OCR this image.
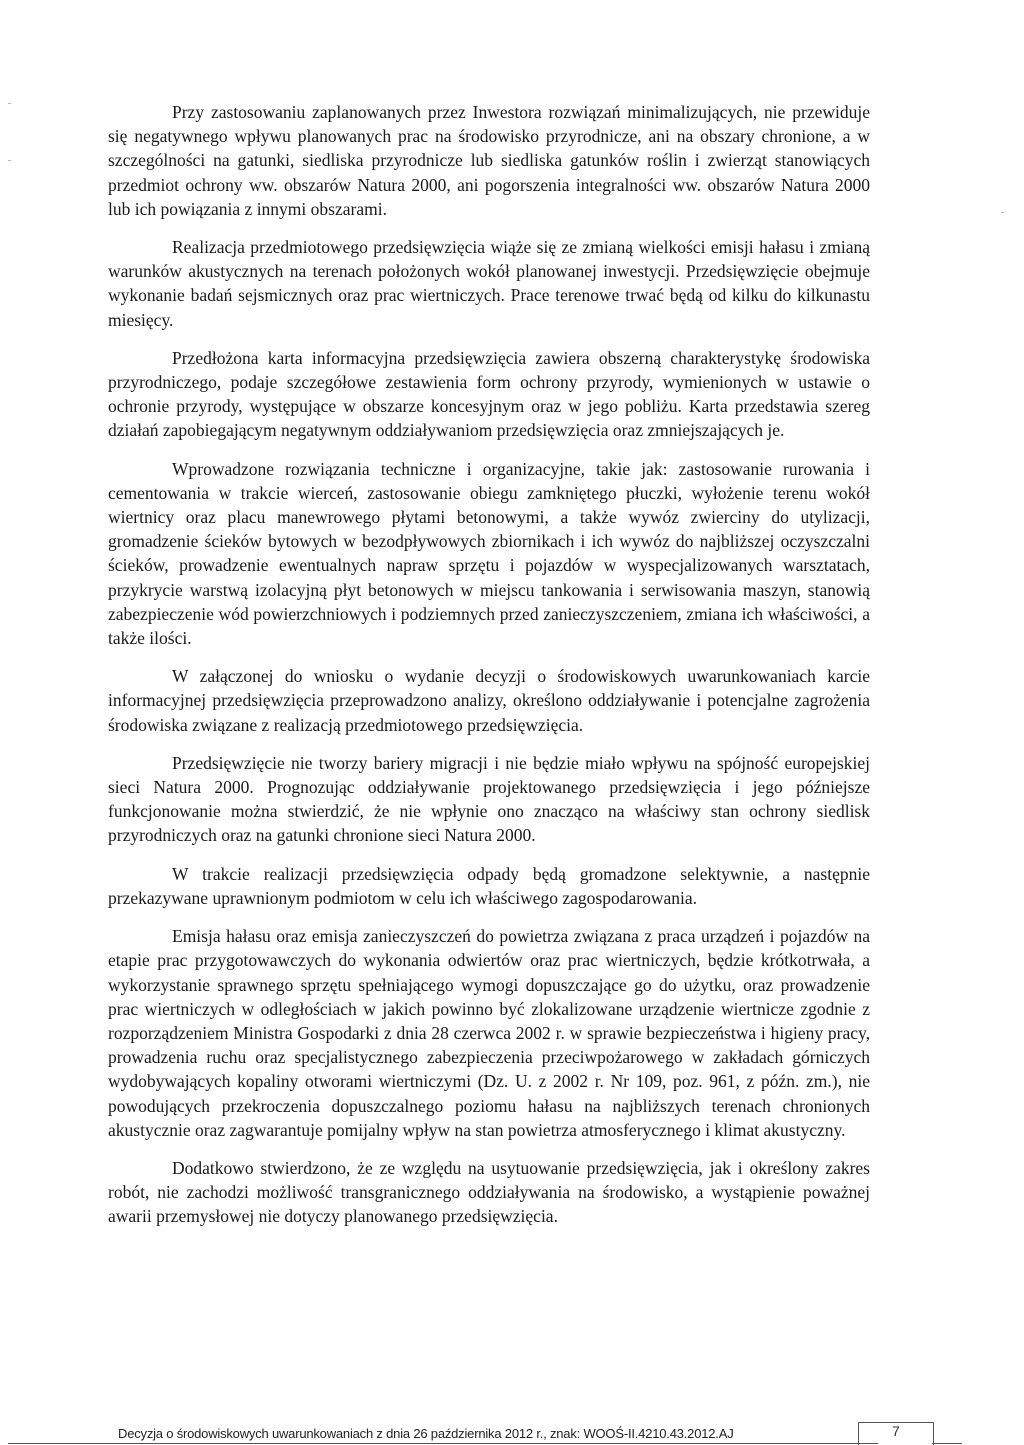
Przy zastosowaniu zaplanowanych przez Inwestora rozwiązań minimalizujących, nie przewiduje się negatywnego wpływu planowanych prac na środowisko przyrodnicze, ani na obszary chronione, a w szczególności na gatunki, siedliska przyrodnicze lub siedliska gatunków roślin i zwierząt stanowiących przedmiot ochrony ww. obszarów Natura 2000, ani pogorszenia integralności ww. obszarów Natura 2000 lub ich powiązania z innymi obszarami.

Realizacja przedmiotowego przedsięwzięcia wiąże się ze zmianą wielkości emisji hałasu i zmianą warunków akustycznych na terenach położonych wokół planowanej inwestycji. Przedsięwzięcie obejmuje wykonanie badań sejsmicznych oraz prac wiertniczych. Prace terenowe trwać będą od kilku do kilkunastu miesięcy.

Przedłożona karta informacyjna przedsięwzięcia zawiera obszerną charakterystykę środowiska przyrodniczego, podaje szczegółowe zestawienia form ochrony przyrody, wymienionych w ustawie o ochronie przyrody, występujące w obszarze koncesyjnym oraz w jego pobliżu. Karta przedstawia szereg działań zapobiegającym negatywnym oddziaływaniom przedsięwzięcia oraz zmniejszających je.

Wprowadzone rozwiązania techniczne i organizacyjne, takie jak: zastosowanie rurowania i cementowania w trakcie wierceń, zastosowanie obiegu zamkniętego płuczki, wyłożenie terenu wokół wiertnicy oraz placu manewrowego płytami betonowymi, a także wywóz zwierciny do utylizacji, gromadzenie ścieków bytowych w bezodpływowych zbiornikach i ich wywóz do najbliższej oczyszczalni ścieków, prowadzenie ewentualnych napraw sprzętu i pojazdów w wyspecjalizowanych warsztatach, przykrycie warstwą izolacyjną płyt betonowych w miejscu tankowania i serwisowania maszyn, stanowią zabezpieczenie wód powierzchniowych i podziemnych przed zanieczyszczeniem, zmiana ich właściwości, a także ilości.

W załączonej do wniosku o wydanie decyzji o środowiskowych uwarunkowaniach karcie informacyjnej przedsięwzięcia przeprowadzono analizy, określono oddziaływanie i potencjalne zagrożenia środowiska związane z realizacją przedmiotowego przedsięwzięcia.

Przedsięwzięcie nie tworzy bariery migracji i nie będzie miało wpływu na spójność europejskiej sieci Natura 2000. Prognozując oddziaływanie projektowanego przedsięwzięcia i jego późniejsze funkcjonowanie można stwierdzić, że nie wpłynie ono znacząco na właściwy stan ochrony siedlisk przyrodniczych oraz na gatunki chronione sieci Natura 2000.

W trakcie realizacji przedsięwzięcia odpady będą gromadzone selektywnie, a następnie przekazywane uprawnionym podmiotom w celu ich właściwego zagospodarowania.

Emisja hałasu oraz emisja zanieczyszczeń do powietrza związana z praca urządzeń i pojazdów na etapie prac przygotowawczych do wykonania odwiertów oraz prac wiertniczych, będzie krótkotrwała, a wykorzystanie sprawnego sprzętu spełniającego wymogi dopuszczające go do użytku, oraz prowadzenie prac wiertniczych w odległościach w jakich powinno być zlokalizowane urządzenie wiertnicze zgodnie z rozporządzeniem Ministra Gospodarki z dnia 28 czerwca 2002 r. w sprawie bezpieczeństwa i higieny pracy, prowadzenia ruchu oraz specjalistycznego zabezpieczenia przeciwpożarowego w zakładach górniczych wydobywających kopaliny otworami wiertniczymi (Dz. U. z 2002 r. Nr 109, poz. 961, z późn. zm.), nie powodujących przekroczenia dopuszczalnego poziomu hałasu na najbliższych terenach chronionych akustycznie oraz zagwarantuje pomijalny wpływ na stan powietrza atmosferycznego i klimat akustyczny.

Dodatkowo stwierdzono, że ze względu na usytuowanie przedsięwzięcia, jak i określony zakres robót, nie zachodzi możliwość transgranicznego oddziaływania na środowisko, a wystąpienie poważnej awarii przemysłowej nie dotyczy planowanego przedsięwzięcia.

Decyzja o środowiskowych uwarunkowaniach z dnia 26 października 2012 r., znak: WOOŚ-II.4210.43.2012.AJ	7
